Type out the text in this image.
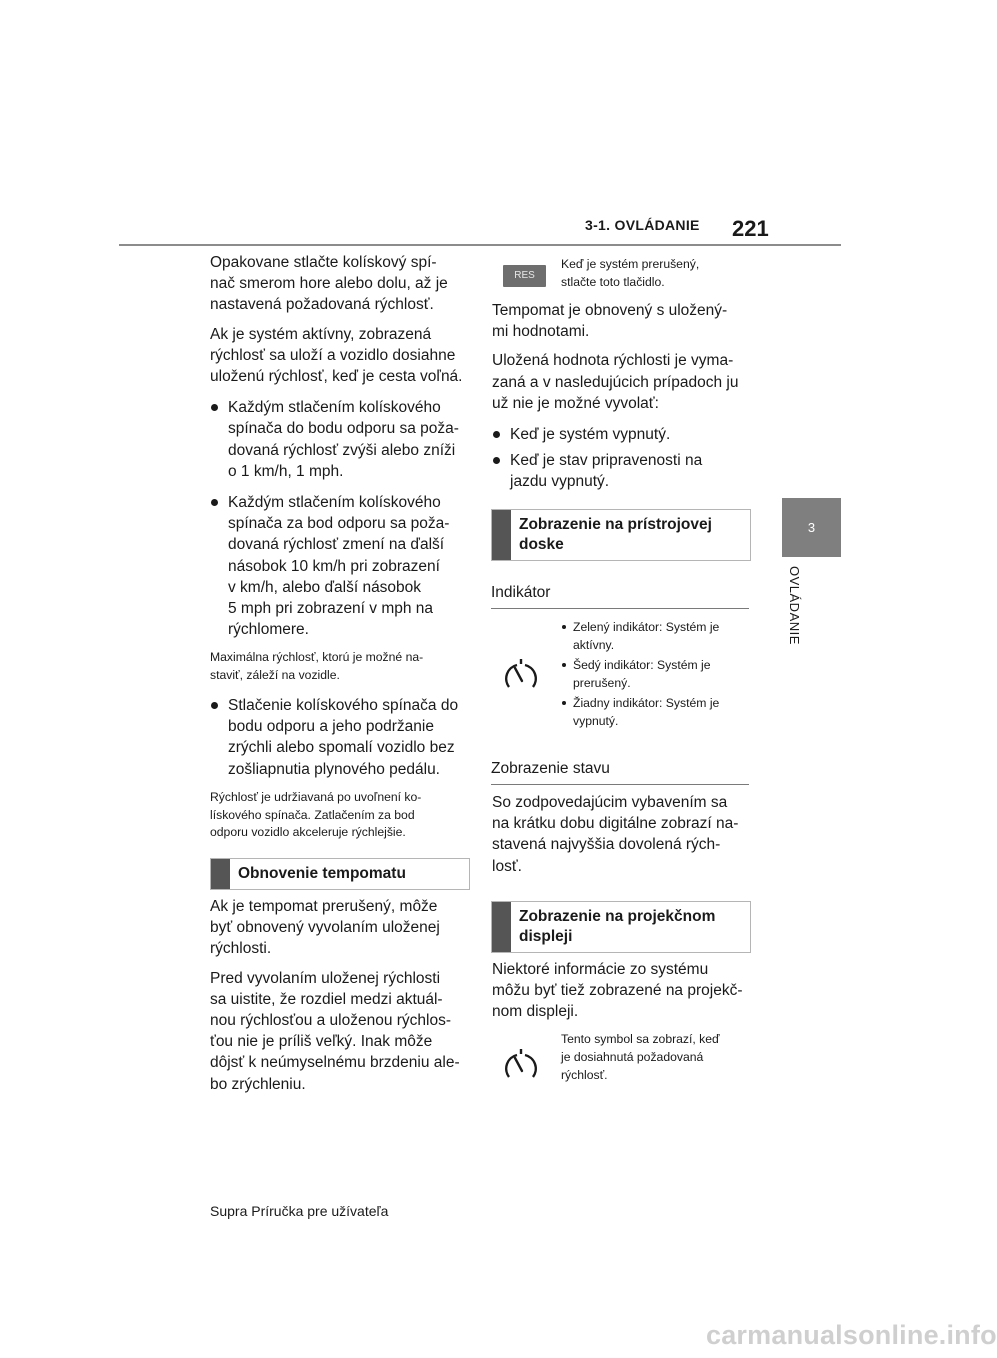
3-1. OVLÁDANIE 221
3
OVLÁDANIE

Opakovane stlačte kolískový spí-
nač smerom hore alebo dolu, až je
nastavená požadovaná rýchlosť.

Ak je systém aktívny, zobrazená
rýchlosť sa uloží a vozidlo dosiahne
uloženú rýchlosť, keď je cesta voľná.

Každým stlačením kolískového
spínača do bodu odporu sa poža-
dovaná rýchlosť zvýši alebo zníži
o 1 km/h, 1 mph.

Každým stlačením kolískového
spínača za bod odporu sa poža-
dovaná rýchlosť zmení na ďalší
násobok 10 km/h pri zobrazení
v km/h, alebo ďalší násobok
5 mph pri zobrazení v mph na
rýchlomere.

Maximálna rýchlosť, ktorú je možné na-
staviť, záleží na vozidle.

Stlačenie kolískového spínača do
bodu odporu a jeho podržanie
zrýchli alebo spomalí vozidlo bez
zošliapnutia plynového pedálu.

Rýchlosť je udržiavaná po uvoľnení ko-
lískového spínača. Zatlačením za bod
odporu vozidlo akceleruje rýchlejšie.

Obnovenie tempomatu

Ak je tempomat prerušený, môže
byť obnovený vyvolaním uloženej
rýchlosti.

Pred vyvolaním uloženej rýchlosti
sa uistite, že rozdiel medzi aktuál-
nou rýchlosťou a uloženou rýchlos-
ťou nie je príliš veľký. Inak môže
dôjsť k neúmyselnému brzdeniu ale-
bo zrýchleniu.

RES

Keď je systém prerušený,
stlačte toto tlačidlo.

Tempomat je obnovený s uložený-
mi hodnotami.

Uložená hodnota rýchlosti je vyma-
zaná a v nasledujúcich prípadoch ju
už nie je možné vyvolať:

Keď je systém vypnutý.

Keď je stav pripravenosti na
jazdu vypnutý.

Zobrazenie na prístrojovej
doske
Indikátor
Zelený indikátor: Systém je
aktívny.
Šedý indikátor: Systém je
prerušený.
Žiadny indikátor: Systém je
vypnutý.
Zobrazenie stavu

So zodpovedajúcim vybavením sa
na krátku dobu digitálne zobrazí na-
stavená najvyššia dovolená rých-
losť.

Zobrazenie na projekčnom
displeji

Niektoré informácie zo systému
môžu byť tiež zobrazené na projekč-
nom displeji.

Tento symbol sa zobrazí, keď
je dosiahnutá požadovaná
rýchlosť.

Supra Príručka pre užívateľa
carmanualsonline.info
